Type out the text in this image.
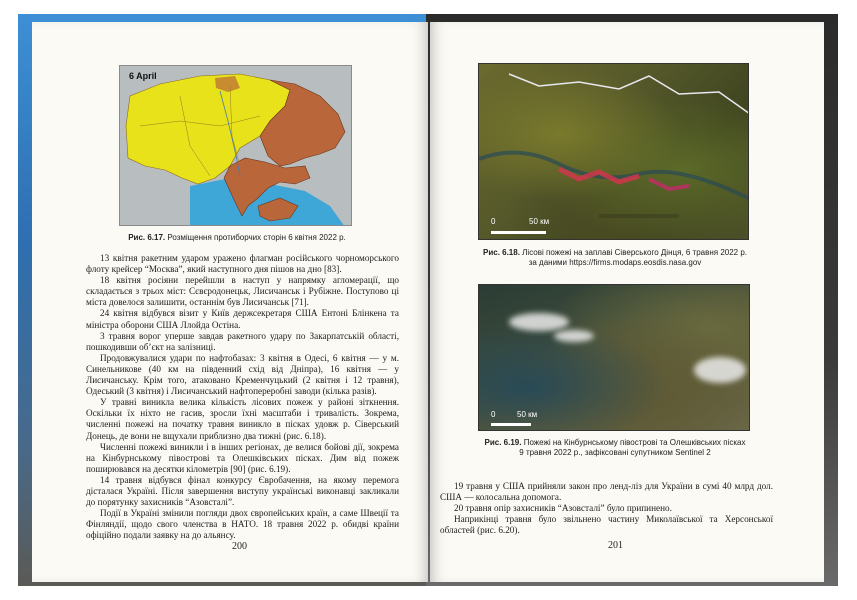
6 April
Рис. 6.17. Розміщення протиборчих сторін 6 квітня 2022 р.

13 квітня ракетним ударом уражено флагман російського чорноморського флоту крейсер “Москва”, який наступного дня пішов на дно [83].

18 квітня росіяни перейшли в наступ у напрямку агломерації, що складається з трьох міст: Сєвєродонецьк, Лисичанськ і Рубіжне. Поступово ці міста довелося залишити, останнім був Лисичанськ [71].

24 квітня відбувся візит у Київ держсекретаря США Ентоні Блінкена та міністра оборони США Ллойда Остіна.

3 травня ворог уперше завдав ракетного удару по Закарпатській області, пошкодивши об’єкт на залізниці.

Продовжувалися удари по нафтобазах: 3 квітня в Одесі, 6 квітня — у м. Синельникове (40 км на південний схід від Дніпра), 16 квітня — у Лисичанську. Крім того, атаковано Кременчуцький (2 квітня і 12 травня), Одеський (3 квітня) і Лисичанський нафтопереробні заводи (кілька разів).

У травні виникла велика кількість лісових пожеж у районі зіткнення. Оскільки їх ніхто не гасив, зросли їхні масштаби і тривалість. Зокрема, численні пожежі на початку травня виникло в пісках удовж р. Сіверський Донець, де вони не вщухали приблизно два тижні (рис. 6.18).

Численні пожежі виникли і в інших регіонах, де велися бойові дії, зокрема на Кінбурнському півострові та Олешківських пісках. Дим від пожеж поширювався на десятки кілометрів [90] (рис. 6.19).

14 травня відбувся фінал конкурсу Євробачення, на якому перемога дісталася Україні. Після завершення виступу українські виконавці закликали до порятунку захисників “Азовсталі”.

Події в Україні змінили погляди двох європейських країн, а саме Швеції та Фінляндії, щодо свого членства в НАТО. 18 травня 2022 р. обидві країни офіційно подали заявку на до альянсу.

200
0	50 км
Рис. 6.18. Лісові пожежі на заплаві Сіверського Дінця, 6 травня 2022 р.
за даними https://firms.modaps.eosdis.nasa.gov
0	50 км
Рис. 6.19. Пожежі на Кінбурнському півострові та Олешківських пісках
9 травня 2022 р., зафіксовані супутником Sentinel 2

19 травня у США прийняли закон про ленд-ліз для України в сумі 40 млрд дол. США — колосальна допомога.

20 травня опір захисників “Азовсталі” було припинено.

Наприкінці травня було звільнено частину Миколаївської та Херсонської областей (рис. 6.20).

201
